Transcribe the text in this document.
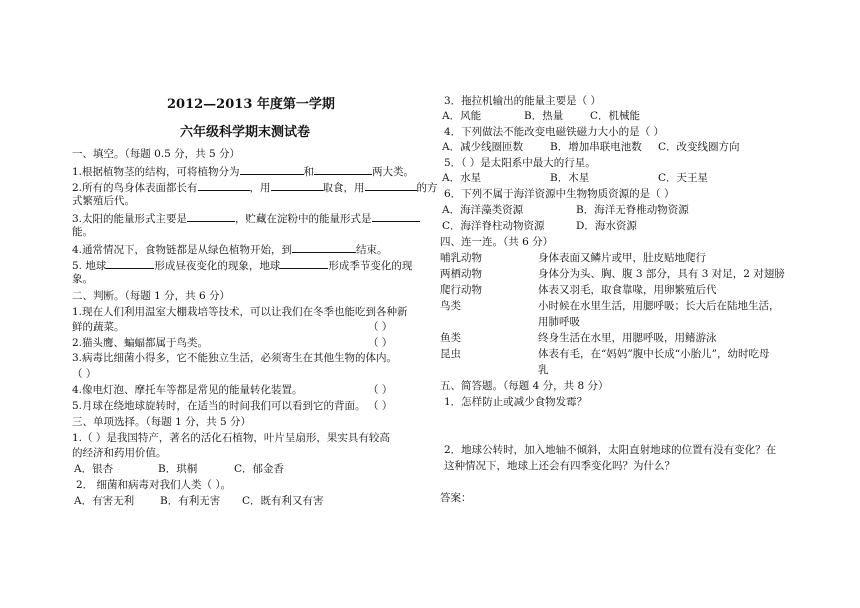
2012—2013 年度第一学期
六年级科学期末测试卷
一、填空。（每题 0.5 分，共 5 分）
1.根据植物茎的结构，可将植物分为	和	两大类。
2.所有的鸟身体表面都长有	，用	取食，用	的方
式繁殖后代。
3.太阳的能量形式主要是	，贮藏在淀粉中的能量形式是
能。
4.通常情况下，食物链都是从绿色植物开始，到	结束。
5. 地球	形成昼夜变化的现象，地球	形成季节变化的现
象。
二、判断。（每题 1 分，共 6 分）
1.现在人们利用温室大棚栽培等技术，可以让我们在冬季也能吃到各种新
鲜的蔬菜。	（ ）
2.猫头鹰、蝙蝠都属于鸟类。	（ ）
3.病毒比细菌小得多，它不能独立生活，必须寄生在其他生物的体内。
（ ）
4.像电灯泡、摩托车等都是常见的能量转化装置。	（ ）
5.月球在绕地球旋转时，在适当的时间我们可以看到它的背面。 （ ）
三、单项选择。（每题 1 分，共 5 分）
1.（ ）是我国特产，著名的活化石植物，叶片呈扇形，果实具有较高
的经济和药用价值。
A．银杏	B．珙桐	C．郁金香
2． 细菌和病毒对我们人类（ ）。
A．有害无利 B．有利无害 C．既有利又有害
3．拖拉机输出的能量主要是（ ）
A．风能	B．热量	C．机械能
4．下列做法不能改变电磁铁磁力大小的是（ ）
A．减少线圈匝数	B．增加串联电池数 C．改变线圈方向
5．（ ）是太阳系中最大的行星。
A．水星	B．木星	C．天王星
6．下列不属于海洋资源中生物物质资源的是（ ）
A．海洋藻类资源	B．海洋无脊椎动物资源
C．海洋脊柱动物资源	D．海水资源
四、连一连。（共 6 分）
哺乳动物	身体表面又鳞片或甲，肚皮贴地爬行
两栖动物	身体分为头、胸、腹 3 部分，具有 3 对足，2 对翅膀
爬行动物	体表又羽毛，取食靠喙，用卵繁殖后代
鸟类	小时候在水里生活，用腮呼吸；长大后在陆地生活，
用肺呼吸
鱼类	终身生活在水里，用腮呼吸，用鳍游泳
昆虫	体表有毛，在“妈妈”腹中长成“小胎儿”，幼时吃母
乳
五、简答题。（每题 4 分，共 8 分）
1．怎样防止或减少食物发霉？
2．地球公转时，加入地轴不倾斜，太阳直射地球的位置有没有变化？在
这种情况下，地球上还会有四季变化吗？为什么？
答案：
